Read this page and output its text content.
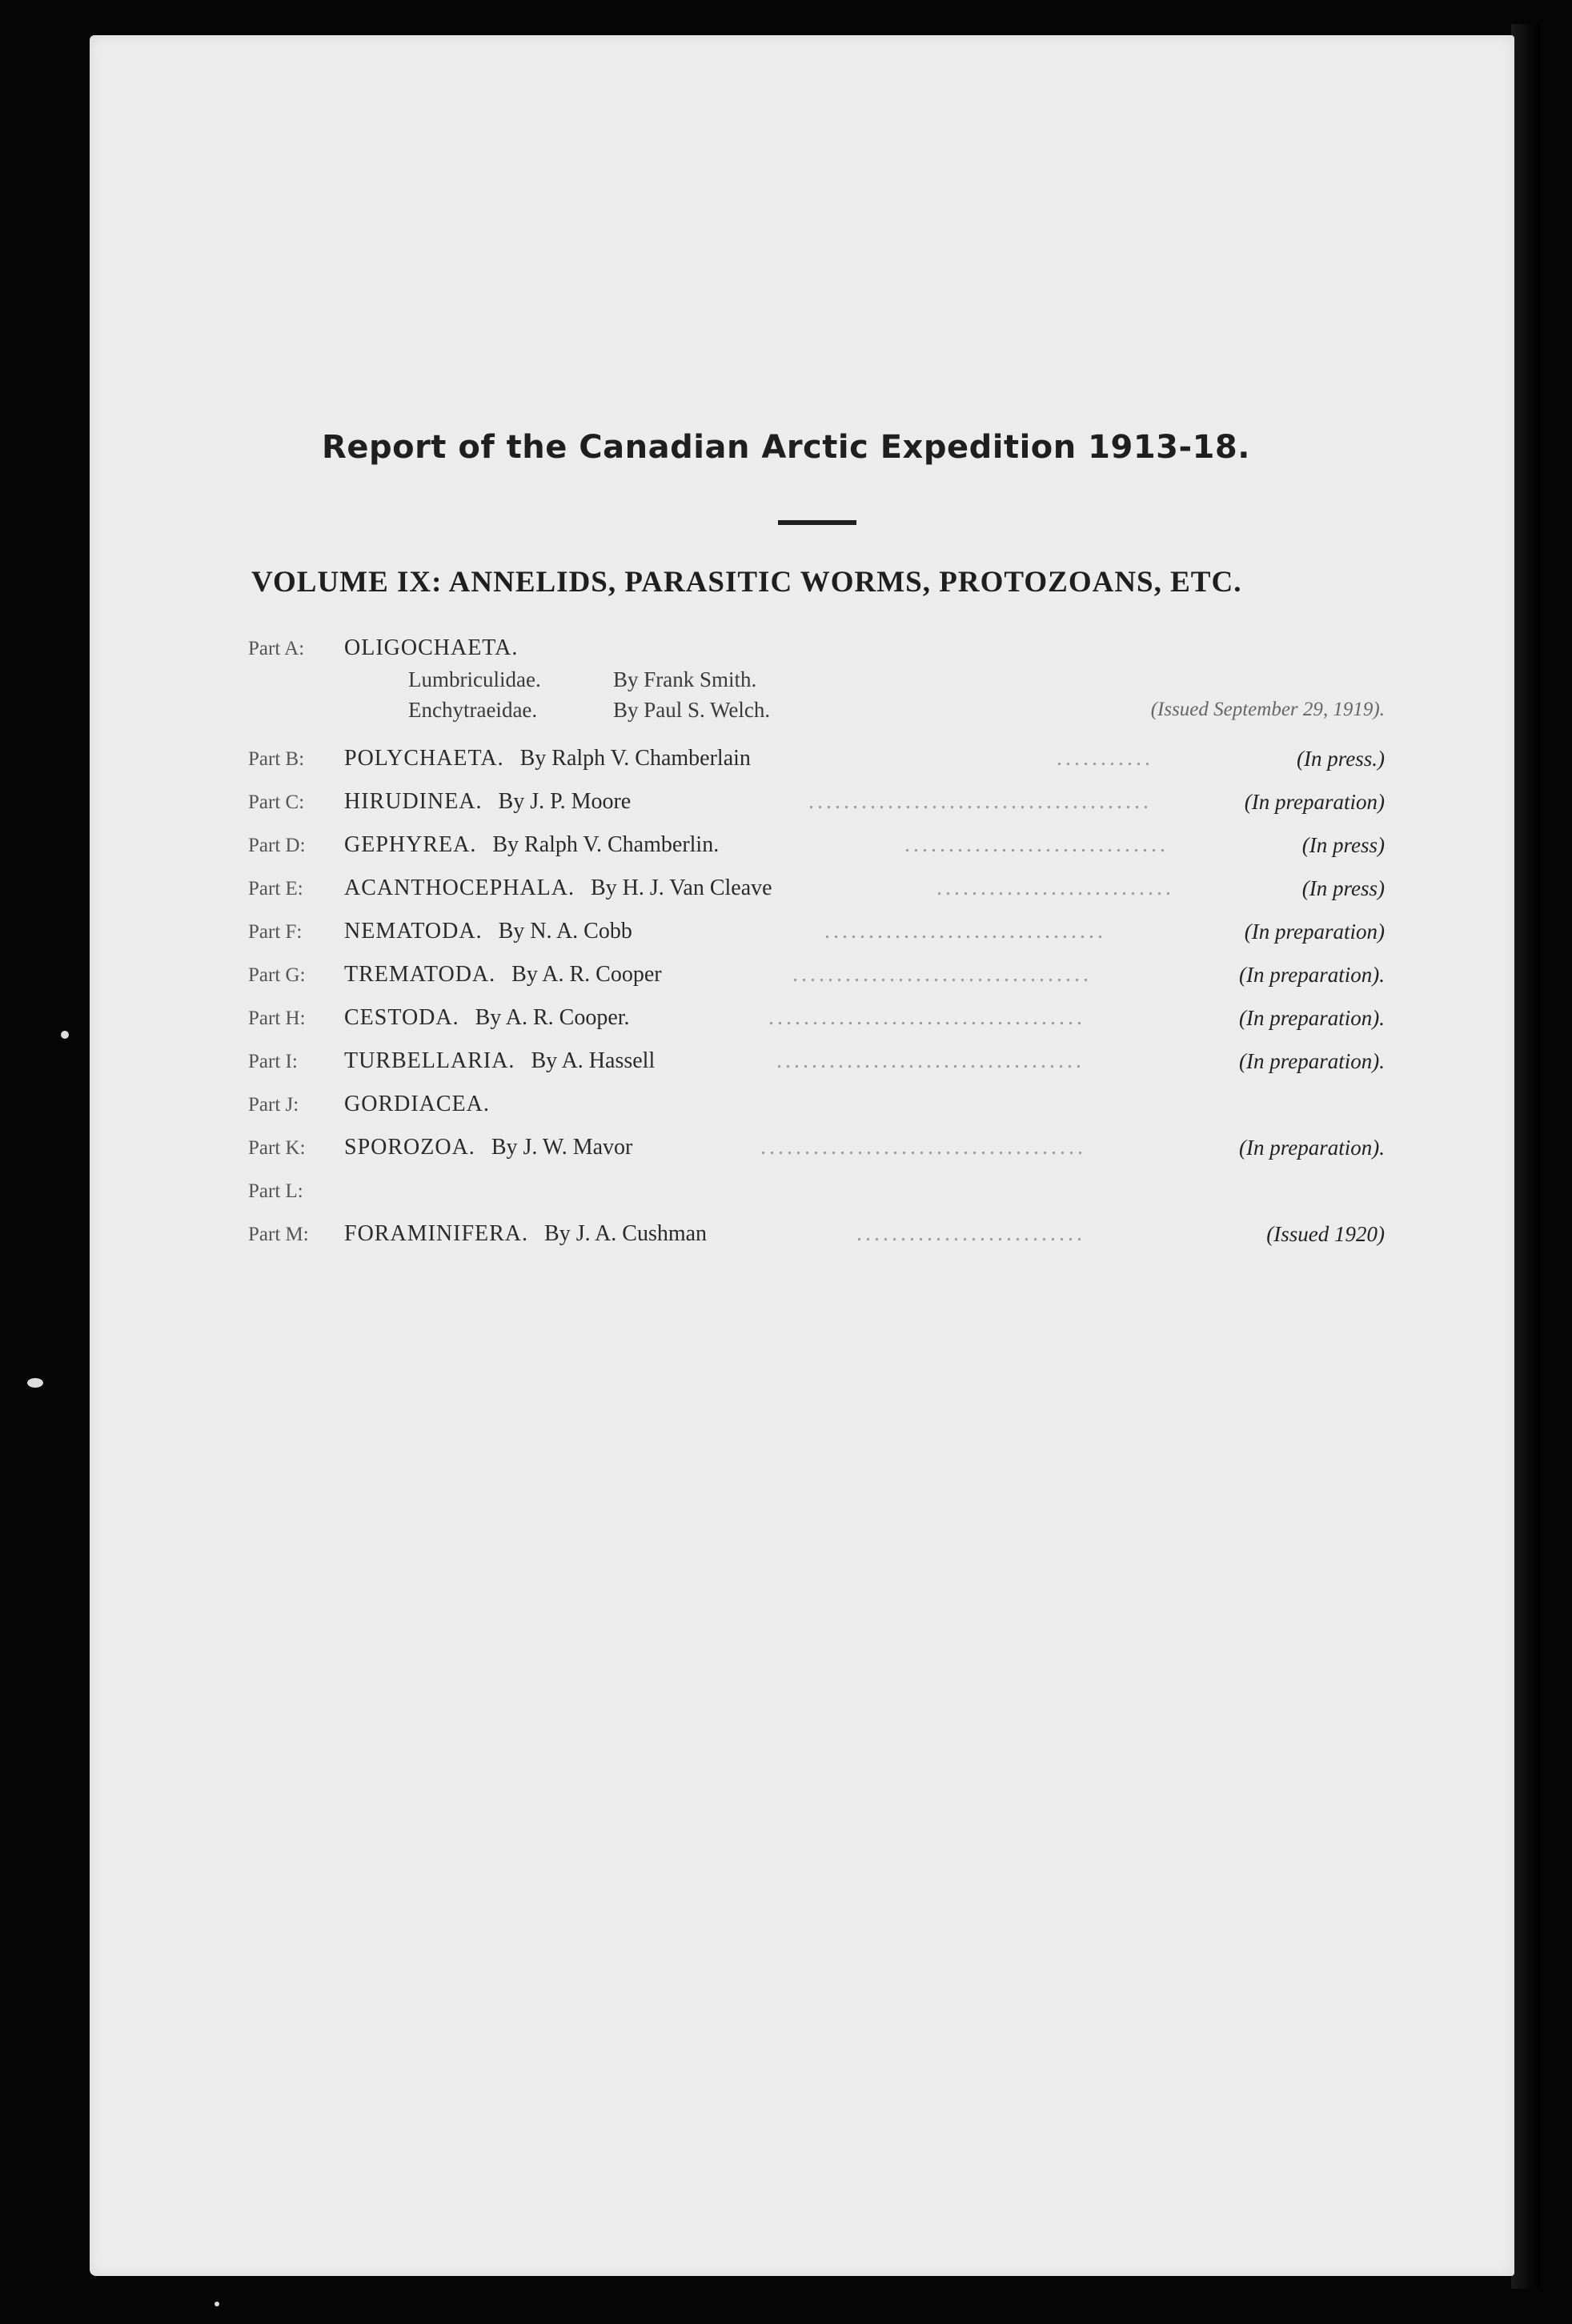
Report of the Canadian Arctic Expedition 1913-18.
VOLUME IX: ANNELIDS, PARASITIC WORMS, PROTOZOANS, ETC.
Part A: OLIGOCHAETA.
Lumbriculidae.	By Frank Smith.
Enchytraeidae.	By Paul S. Welch.	(Issued September 29, 1919).
Part B: POLYCHAETA. By Ralph V. Chamberlain	...........	(In press.)
Part C: HIRUDINEA. By J. P. Moore	.......................................	(In preparation)
Part D: GEPHYREA. By Ralph V. Chamberlin.	..............................	(In press)
Part E: ACANTHOCEPHALA. By H. J. Van Cleave	...........................	(In press)
Part F: NEMATODA. By N. A. Cobb	................................	(In preparation)
Part G: TREMATODA. By A. R. Cooper	..................................	(In preparation).
Part H: CESTODA. By A. R. Cooper.	....................................	(In preparation).
Part I: TURBELLARIA. By A. Hassell	...................................	(In preparation).
Part J: GORDIACEA.
Part K: SPOROZOA. By J. W. Mavor	.....................................	(In preparation).
Part L:
Part M: FORAMINIFERA. By J. A. Cushman	..........................	(Issued 1920)
